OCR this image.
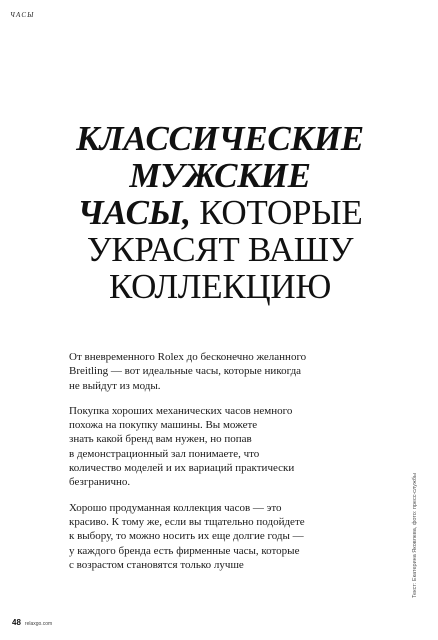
ЧАСЫ
КЛАССИЧЕСКИЕ
МУЖСКИЕ
ЧАСЫ, КОТОРЫЕ
УКРАСЯТ ВАШУ
КОЛЛЕКЦИЮ

От вневременного Rolex до бесконечно желанного
Breitling — вот идеальные часы, которые никогда
не выйдут из моды.

Покупка хороших механических часов немного
похожа на покупку машины. Вы можете
знать какой бренд вам нужен, но попав
в демонстрационный зал понимаете, что
количество моделей и их вариаций практически
безгранично.

Хорошо продуманная коллекция часов — это
красиво. К тому же, если вы тщательно подойдете
к выбору, то можно носить их еще долгие годы —
у каждого бренда есть фирменные часы, которые
с возрастом становятся только лучше	Текст: Екатерина Яковлева, фото: пресс-службы
48 relaxgo.com
